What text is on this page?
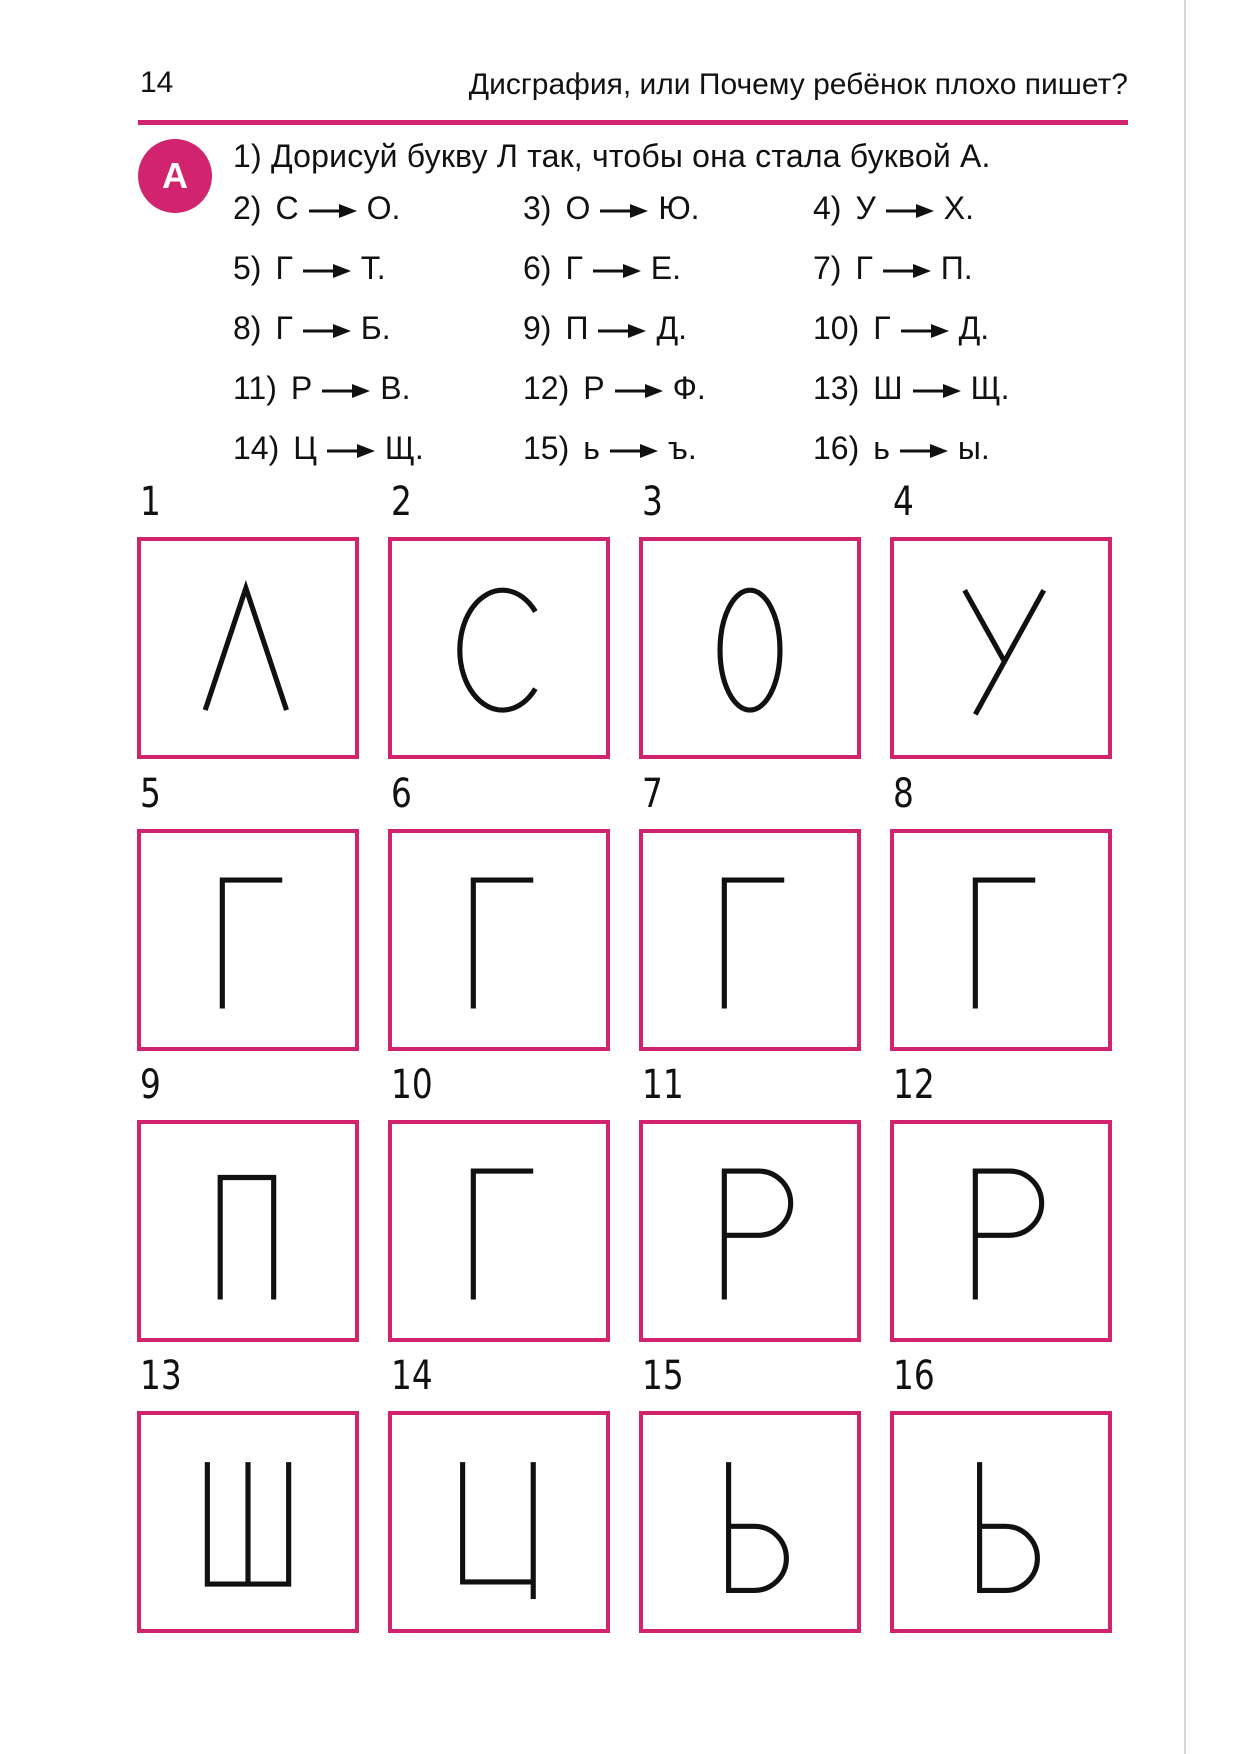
14	Дисграфия, или Почему ребёнок плохо пишет?
А	1) Дорисуй букву Л так, чтобы она стала буквой А.
2) С О.	3) О Ю.	4) У Х.
5) Г Т.	6) Г Е.	7) Г П.
8) Г Б.	9) П Д.	10) Г Д.
11) Р В.	12) Р Ф.	13) Ш Щ.
14) Ц Щ.	15) ь ъ.	16) ь ы.
1	2	3	4
5	6	7	8
9	10	11	12
13	14	15	16
